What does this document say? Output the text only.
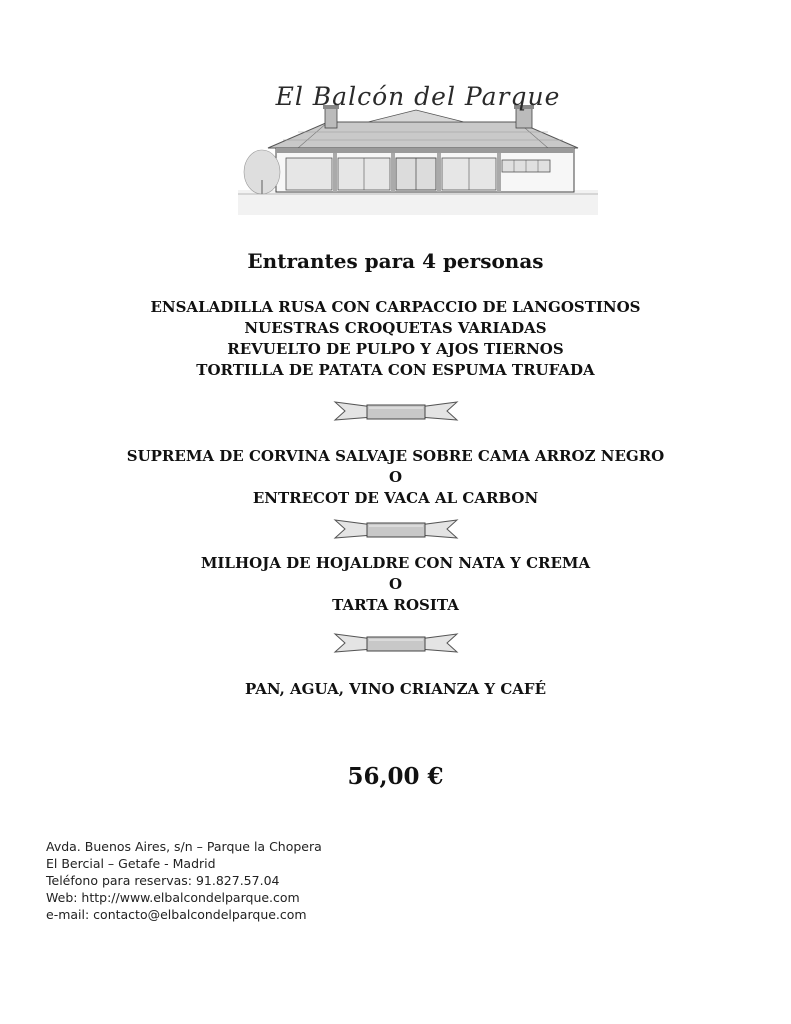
El Balcón del Parque
Entrantes para 4 personas
ENSALADILLA RUSA CON CARPACCIO DE LANGOSTINOS
NUESTRAS CROQUETAS VARIADAS
REVUELTO DE PULPO Y AJOS TIERNOS
TORTILLA DE PATATA CON ESPUMA TRUFADA
SUPREMA DE CORVINA SALVAJE SOBRE CAMA ARROZ NEGRO
O
ENTRECOT DE VACA AL CARBON
MILHOJA DE HOJALDRE CON NATA Y CREMA
O
TARTA ROSITA
PAN, AGUA, VINO CRIANZA Y CAFÉ
56,00 €
Avda. Buenos Aires, s/n – Parque la Chopera
El Bercial – Getafe - Madrid
Teléfono para reservas: 91.827.57.04
Web: http://www.elbalcondelparque.com
e-mail: contacto@elbalcondelparque.com
